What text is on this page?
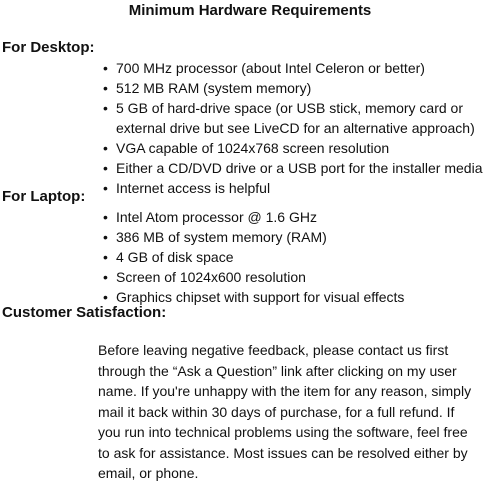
Minimum Hardware Requirements
For Desktop:
• 700 MHz processor (about Intel Celeron or better)
• 512 MB RAM (system memory)
• 5 GB of hard-drive space (or USB stick, memory card or
external drive but see LiveCD for an alternative approach)
• VGA capable of 1024x768 screen resolution
• Either a CD/DVD drive or a USB port for the installer media
• Internet access is helpful
For Laptop:
• Intel Atom processor @ 1.6 GHz
• 386 MB of system memory (RAM)
• 4 GB of disk space
• Screen of 1024x600 resolution
• Graphics chipset with support for visual effects
Customer Satisfaction:

Before leaving negative feedback, please contact us first
through the “Ask a Question” link after clicking on my user
name. If you're unhappy with the item for any reason, simply
mail it back within 30 days of purchase, for a full refund. If
you run into technical problems using the software, feel free
to ask for assistance. Most issues can be resolved either by
email, or phone.
